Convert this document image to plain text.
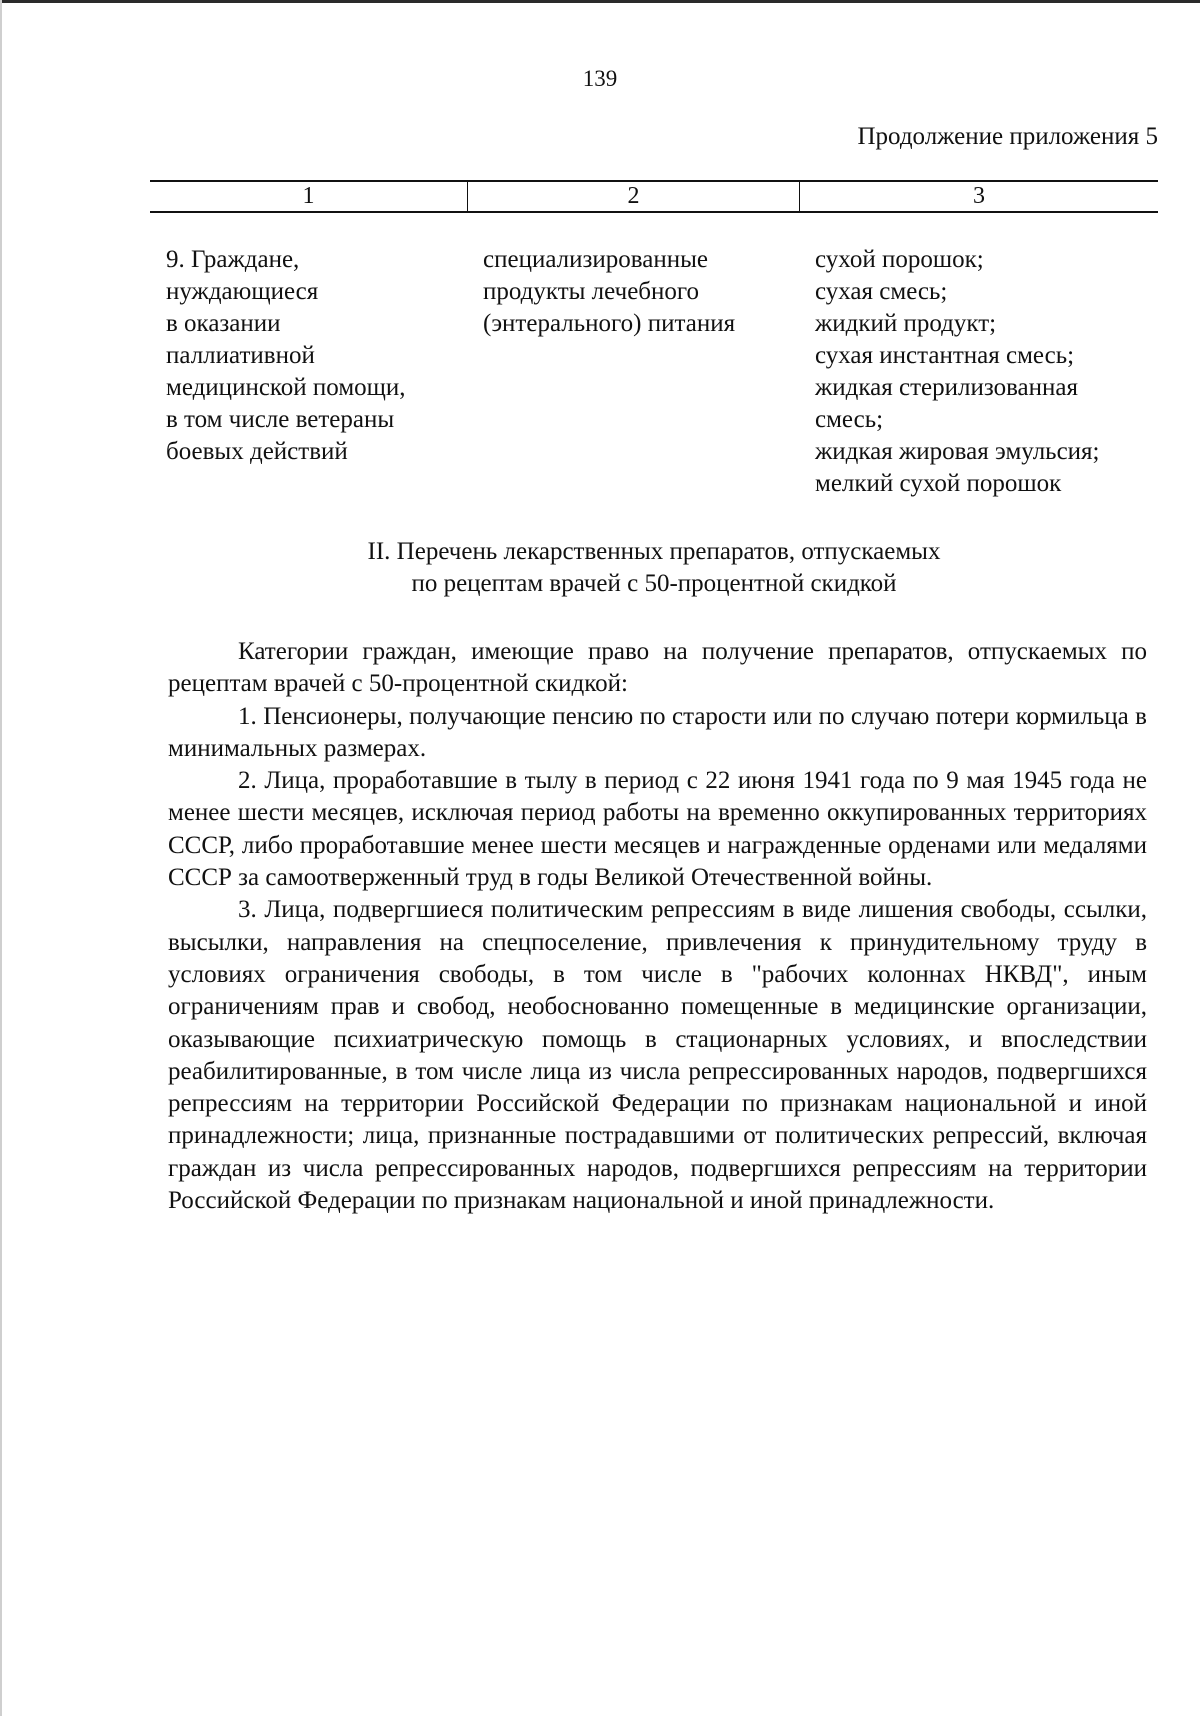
139
Продолжение приложения 5
1	2	3
9. Граждане,
нуждающиеся
в оказании
паллиативной
медицинской помощи,
в том числе ветераны
боевых действий
специализированные
продукты лечебного
(энтерального) питания
сухой порошок;
сухая смесь;
жидкий продукт;
сухая инстантная смесь;
жидкая стерилизованная
смесь;
жидкая жировая эмульсия;
мелкий сухой порошок
II. Перечень лекарственных препаратов, отпускаемых
по рецептам врачей с 50-процентной скидкой

Категории граждан, имеющие право на получение препаратов, отпускаемых по рецептам врачей с 50-процентной скидкой:

1. Пенсионеры, получающие пенсию по старости или по случаю потери кормильца в минимальных размерах.

2. Лица, проработавшие в тылу в период с 22 июня 1941 года по 9 мая 1945 года не менее шести месяцев, исключая период работы на временно оккупированных территориях СССР, либо проработавшие менее шести месяцев и награжденные орденами или медалями СССР за самоотверженный труд в годы Великой Отечественной войны.

3. Лица, подвергшиеся политическим репрессиям в виде лишения свободы, ссылки, высылки, направления на спецпоселение, привлечения к принудительному труду в условиях ограничения свободы, в том числе в "рабочих колоннах НКВД", иным ограничениям прав и свобод, необоснованно помещенные в медицинские организации, оказывающие психиатрическую помощь в стационарных условиях, и впоследствии реабилитированные, в том числе лица из числа репрессированных народов, подвергшихся репрессиям на территории Российской Федерации по признакам национальной и иной принадлежности; лица, признанные пострадавшими от политических репрессий, включая граждан из числа репрессированных народов, подвергшихся репрессиям на территории Российской Федерации по признакам национальной и иной принадлежности.
